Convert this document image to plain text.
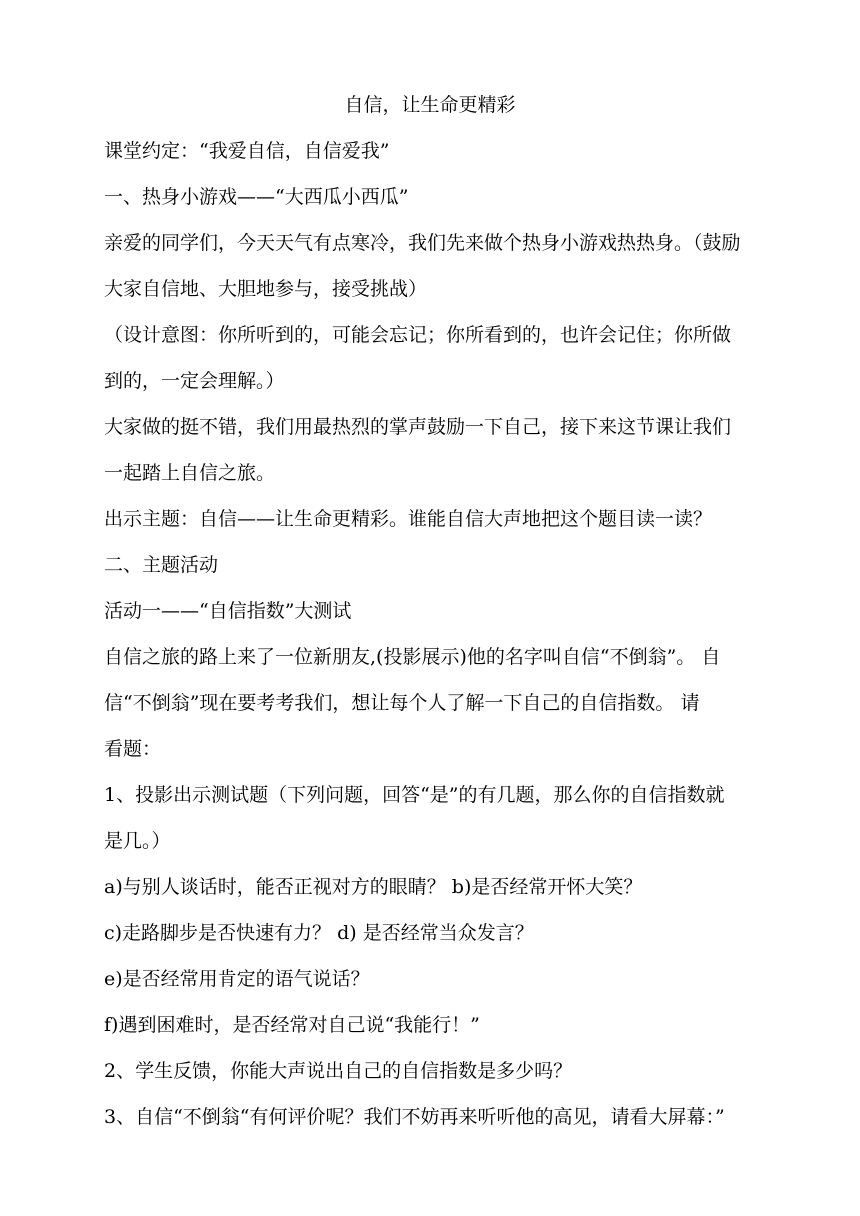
自信，让生命更精彩
课堂约定：“我爱自信，自信爱我”
一、热身小游戏——“大西瓜小西瓜”
亲爱的同学们，今天天气有点寒冷，我们先来做个热身小游戏热热身。（鼓励
大家自信地、大胆地参与，接受挑战）
（设计意图：你所听到的，可能会忘记；你所看到的，也许会记住；你所做
到的，一定会理解。）
大家做的挺不错，我们用最热烈的掌声鼓励一下自己，接下来这节课让我们
一起踏上自信之旅。
出示主题：自信——让生命更精彩。谁能自信大声地把这个题目读一读？
二、主题活动
活动一——“自信指数”大测试
自信之旅的路上来了一位新朋友,(投影展示)他的名字叫自信“不倒翁”。 自
信“不倒翁”现在要考考我们，想让每个人了解一下自己的自信指数。 请
看题：
1、投影出示测试题（下列问题，回答“是”的有几题，那么你的自信指数就
是几。）
a)与别人谈话时，能否正视对方的眼睛？ b)是否经常开怀大笑？
c)走路脚步是否快速有力？ d) 是否经常当众发言？
e)是否经常用肯定的语气说话？
f)遇到困难时，是否经常对自己说“我能行！”
2、学生反馈，你能大声说出自己的自信指数是多少吗？
3、自信“不倒翁“有何评价呢？我们不妨再来听听他的高见，请看大屏幕：”
